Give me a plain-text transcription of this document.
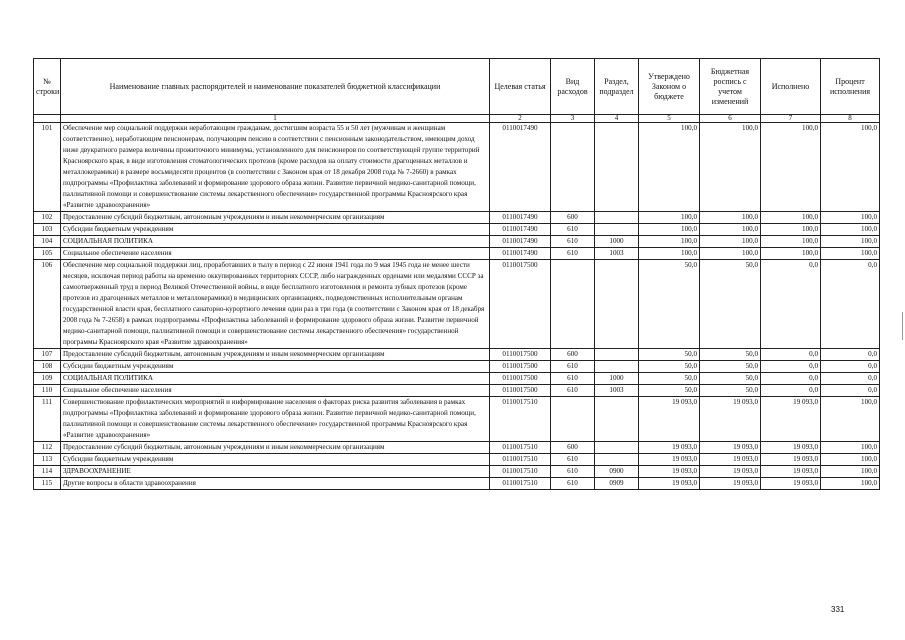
№ строки	Наименование главных распорядителей и наименование показателей бюджетной классификации	Целевая статья	Вид расходов	Раздел, подраздел	Утверждено Законом о бюджете	Бюджетная роспись с учетом изменений	Исполнено	Процент исполнения
	1	2	3	4	5	6	7	8
101	Обеспечение мер социальной поддержки неработающим гражданам, достигшим возраста 55 и 50 лет (мужчинам и женщинам соответственно), неработающим пенсионерам, получающим пенсию в соответствии с пенсионным законодательством, имеющим доход ниже двукратного размера величины прожиточного минимума, установленного для пенсионеров по соответствующей группе территорий Красноярского края, в виде изготовления стоматологических протезов (кроме расходов на оплату стоимости драгоценных металлов и металлокерамики) в размере восьмидесяти процентов (в соответствии с Законом края от 18 декабря 2008 года № 7-2660) в рамках подпрограммы «Профилактика заболеваний и формирование здорового образа жизни. Развитие первичной медико-санитарной помощи, паллиативной помощи и совершенствование системы лекарственного обеспечения» государственной программы Красноярского края «Развитие здравоохранения»	0110017490			100,0	100,0	100,0	100,0
102	Предоставление субсидий бюджетным, автономным учреждениям и иным некоммерческим организациям	0110017490	600		100,0	100,0	100,0	100,0
103	Субсидии бюджетным учреждениям	0110017490	610		100,0	100,0	100,0	100,0
104	СОЦИАЛЬНАЯ ПОЛИТИКА	0110017490	610	1000	100,0	100,0	100,0	100,0
105	Социальное обеспечение населения	0110017490	610	1003	100,0	100,0	100,0	100,0
106	Обеспечение мер социальной поддержки лиц, проработавших в тылу в период с 22 июня 1941 года по 9 мая 1945 года не менее шести месяцев, исключая период работы на временно оккупированных территориях СССР, либо награжденных орденами или медалями СССР за самоотверженный труд в период Великой Отечественной войны, в виде бесплатного изготовления и ремонта зубных протезов (кроме протезов из драгоценных металлов и металлокерамики) в медицинских организациях, подведомственных исполнительным органам государственной власти края, бесплатного санаторно-курортного лечения один раз в три года (в соответствии с Законом края от 18 декабря 2008 года № 7-2658) в рамках подпрограммы «Профилактика заболеваний и формирование здорового образа жизни. Развитие первичной медико-санитарной помощи, паллиативной помощи и совершенствование системы лекарственного обеспечения» государственной программы Красноярского края «Развитие здравоохранения»	0110017500			50,0	50,0	0,0	0,0
107	Предоставление субсидий бюджетным, автономным учреждениям и иным некоммерческим организациям	0110017500	600		50,0	50,0	0,0	0,0
108	Субсидии бюджетным учреждениям	0110017500	610		50,0	50,0	0,0	0,0
109	СОЦИАЛЬНАЯ ПОЛИТИКА	0110017500	610	1000	50,0	50,0	0,0	0,0
110	Социальное обеспечение населения	0110017500	610	1003	50,0	50,0	0,0	0,0
111	Совершенствование профилактических мероприятий и информирование населения о факторах риска развития заболевания в рамках подпрограммы «Профилактика заболеваний и формирование здорового образа жизни. Развитие первичной медико-санитарной помощи, паллиативной помощи и совершенствование системы лекарственного обеспечения» государственной программы Красноярского края «Развитие здравоохранения»	0110017510			19 093,0	19 093,0	19 093,0	100,0
112	Предоставление субсидий бюджетным, автономным учреждениям и иным некоммерческим организациям	0110017510	600		19 093,0	19 093,0	19 093,0	100,0
113	Субсидии бюджетным учреждениям	0110017510	610		19 093,0	19 093,0	19 093,0	100,0
114	ЗДРАВООХРАНЕНИЕ	0110017510	610	0900	19 093,0	19 093,0	19 093,0	100,0
115	Другие вопросы в области здравоохранения	0110017510	610	0909	19 093,0	19 093,0	19 093,0	100,0
331
